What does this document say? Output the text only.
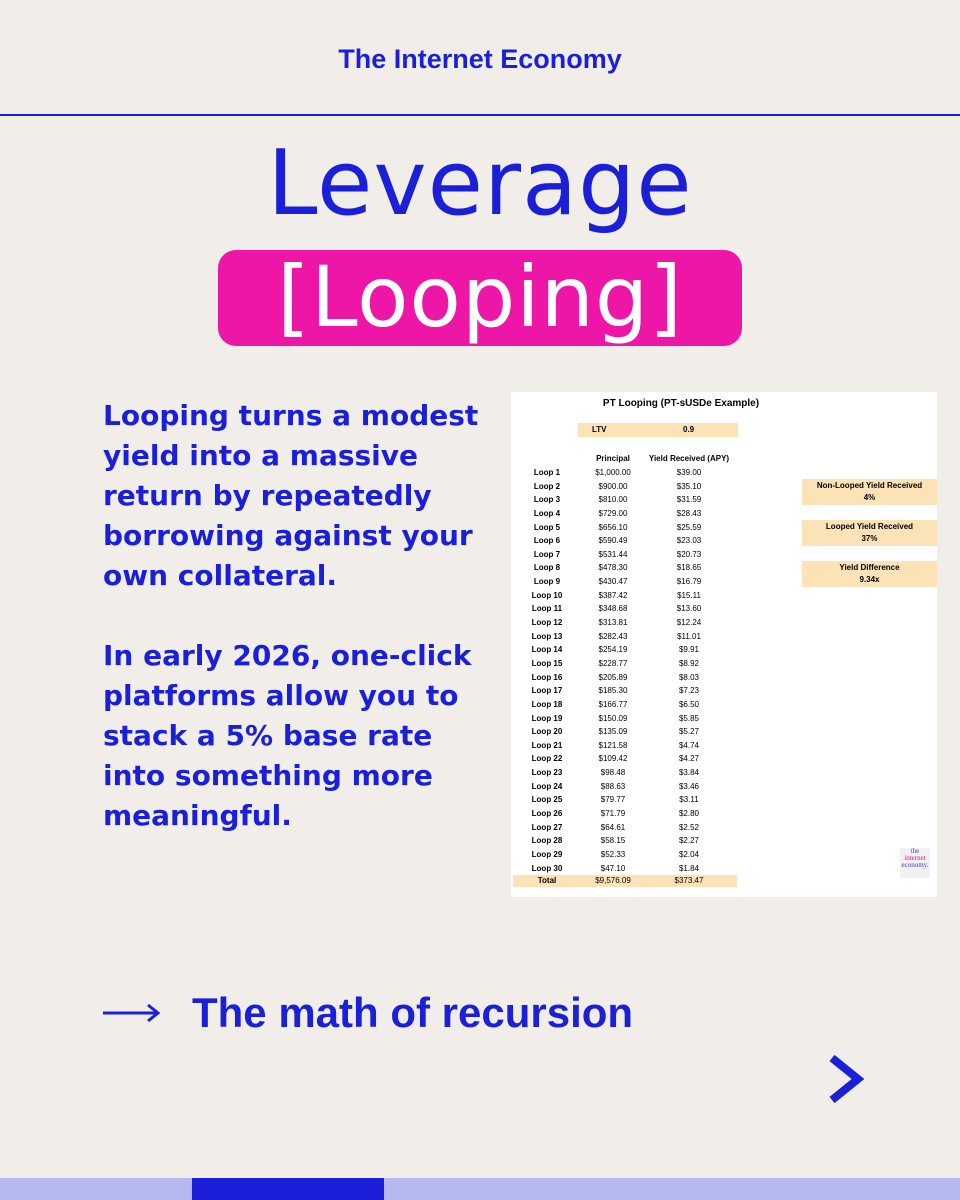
The Internet Economy
Leverage
[Looping]
Looping turns a modest yield into a massive return by repeatedly borrowing against your own collateral.
In early 2026, one-click platforms allow you to stack a 5% base rate into something more meaningful.
PT Looping (PT-sUSDe Example)
LTV	0.9
Principal	Yield Received (APY)
Loop 1	$1,000.00	$39.00
Loop 2	$900.00	$35.10
Loop 3	$810.00	$31.59
Loop 4	$729.00	$28.43
Loop 5	$656.10	$25.59
Loop 6	$590.49	$23.03
Loop 7	$531.44	$20.73
Loop 8	$478.30	$18.65
Loop 9	$430.47	$16.79
Loop 10	$387.42	$15.11
Loop 11	$348.68	$13.60
Loop 12	$313.81	$12.24
Loop 13	$282.43	$11.01
Loop 14	$254.19	$9.91
Loop 15	$228.77	$8.92
Loop 16	$205.89	$8.03
Loop 17	$185.30	$7.23
Loop 18	$166.77	$6.50
Loop 19	$150.09	$5.85
Loop 20	$135.09	$5.27
Loop 21	$121.58	$4.74
Loop 22	$109.42	$4.27
Loop 23	$98.48	$3.84
Loop 24	$88.63	$3.46
Loop 25	$79.77	$3.11
Loop 26	$71.79	$2.80
Loop 27	$64.61	$2.52
Loop 28	$58.15	$2.27
Loop 29	$52.33	$2.04
Loop 30	$47.10	$1.84
Total	$9,576.09	$373.47
Non-Looped Yield Received
4%
Looped Yield Received
37%
Yield Difference
9.34x
the
internet
economy.
The math of recursion
